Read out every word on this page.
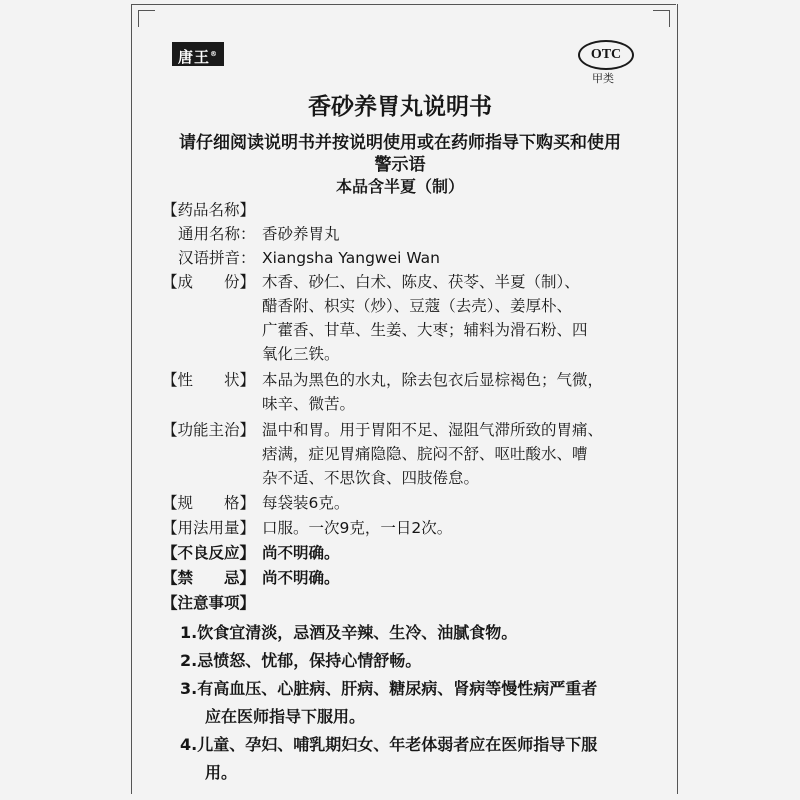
唐王®	OTC
甲类
香砂养胃丸说明书
请仔细阅读说明书并按说明使用或在药师指导下购买和使用
警示语
本品含半夏（制）
【药品名称】
通用名称： 香砂养胃丸
汉语拼音： Xiangsha Yangwei Wan
【成　　份】 木香、砂仁、白术、陈皮、茯苓、半夏（制）、
醋香附、枳实（炒）、豆蔻（去壳）、姜厚朴、
广藿香、甘草、生姜、大枣；辅料为滑石粉、四
氧化三铁。
【性　　状】 本品为黑色的水丸，除去包衣后显棕褐色；气微，
味辛、微苦。
【功能主治】 温中和胃。用于胃阳不足、湿阻气滞所致的胃痛、
痞满，症见胃痛隐隐、脘闷不舒、呕吐酸水、嘈
杂不适、不思饮食、四肢倦怠。
【规　　格】 每袋装6克。
【用法用量】 口服。一次9克，一日2次。
【不良反应】 尚不明确。
【禁　　忌】 尚不明确。
【注意事项】
1.饮食宜清淡，忌酒及辛辣、生冷、油腻食物。
2.忌愤怒、忧郁，保持心情舒畅。
3.有高血压、心脏病、肝病、糖尿病、肾病等慢性病严重者
应在医师指导下服用。
4.儿童、孕妇、哺乳期妇女、年老体弱者应在医师指导下服
用。
